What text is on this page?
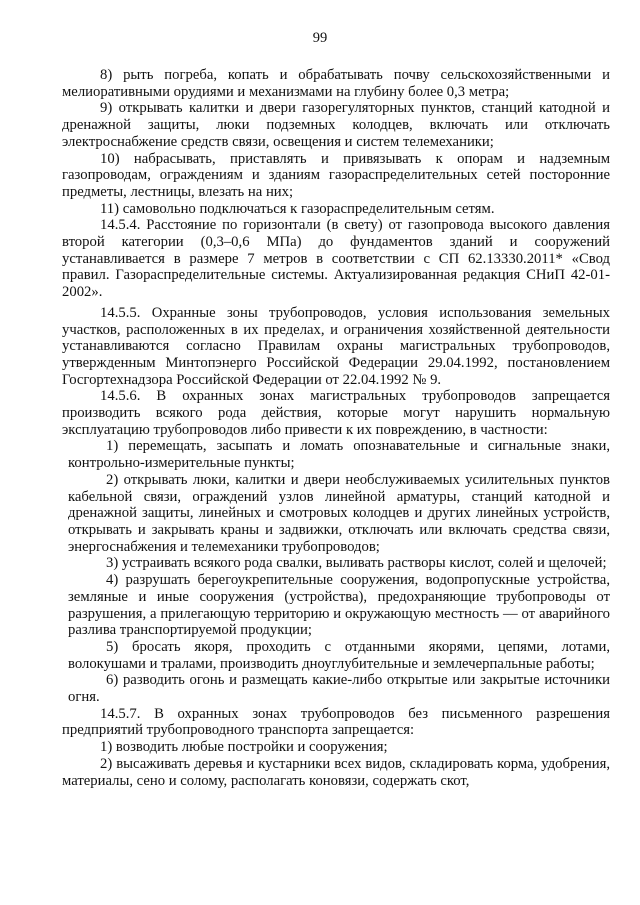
99

8) рыть погреба, копать и обрабатывать почву сельскохозяйственными и мелиоративными орудиями и механизмами на глубину более 0,3 метра;

9) открывать калитки и двери газорегуляторных пунктов, станций катодной и дренажной защиты, люки подземных колодцев, включать или отключать электроснабжение средств связи, освещения и систем телемеханики;

10) набрасывать, приставлять и привязывать к опорам и надземным газопроводам, ограждениям и зданиям газораспределительных сетей посторонние предметы, лестницы, влезать на них;

11) самовольно подключаться к газораспределительным сетям.

14.5.4. Расстояние по горизонтали (в свету) от газопровода высокого давления второй категории (0,3–0,6 МПа) до фундаментов зданий и сооружений устанавливается в размере 7 метров в соответствии с СП 62.13330.2011* «Свод правил. Газораспределительные системы. Актуализированная редакция СНиП 42-01-2002».

14.5.5. Охранные зоны трубопроводов, условия использования земельных участков, расположенных в их пределах, и ограничения хозяйственной деятельности устанавливаются согласно Правилам охраны магистральных трубопроводов, утвержденным Минтопэнерго Российской Федерации 29.04.1992, постановлением Госгортехнадзора Российской Федерации от 22.04.1992 № 9.

14.5.6. В охранных зонах магистральных трубопроводов запрещается производить всякого рода действия, которые могут нарушить нормальную эксплуатацию трубопроводов либо привести к их повреждению, в частности:

1) перемещать, засыпать и ломать опознавательные и сигнальные знаки, контрольно-измерительные пункты;

2) открывать люки, калитки и двери необслуживаемых усилительных пунктов кабельной связи, ограждений узлов линейной арматуры, станций катодной и дренажной защиты, линейных и смотровых колодцев и других линейных устройств, открывать и закрывать краны и задвижки, отключать или включать средства связи, энергоснабжения и телемеханики трубопроводов;

3) устраивать всякого рода свалки, выливать растворы кислот, солей и щелочей;

4) разрушать берегоукрепительные сооружения, водопропускные устройства, земляные и иные сооружения (устройства), предохраняющие трубопроводы от разрушения, а прилегающую территорию и окружающую местность — от аварийного разлива транспортируемой продукции;

5) бросать якоря, проходить с отданными якорями, цепями, лотами, волокушами и тралами, производить дноуглубительные и землечерпальные работы;

6) разводить огонь и размещать какие-либо открытые или закрытые источники огня.

14.5.7. В охранных зонах трубопроводов без письменного разрешения предприятий трубопроводного транспорта запрещается:

1) возводить любые постройки и сооружения;

2) высаживать деревья и кустарники всех видов, складировать корма, удобрения, материалы, сено и солому, располагать коновязи, содержать скот,
